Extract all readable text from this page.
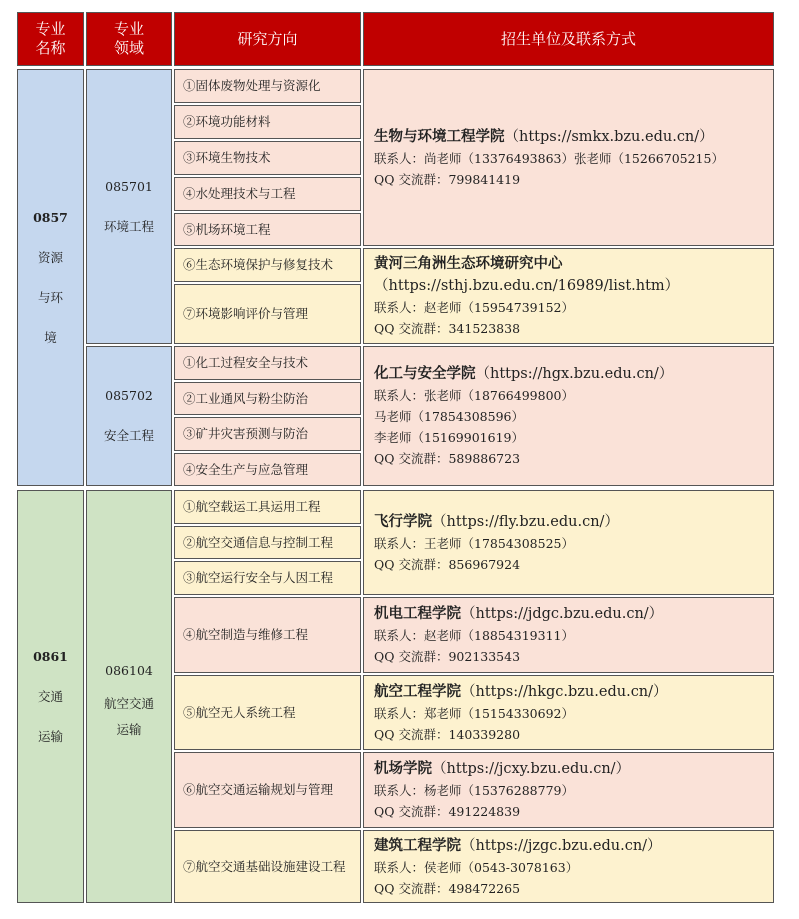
专业
名称
专业
领域
研究方向	招生单位及联系方式
0857
资源
与环
境
085701
环境工程
085702
安全工程
①固体废物处理与资源化
②环境功能材料
③环境生物技术
④水处理技术与工程
⑤机场环境工程
⑥生态环境保护与修复技术
⑦环境影响评价与管理
①化工过程安全与技术
②工业通风与粉尘防治
③矿井灾害预测与防治
④安全生产与应急管理
生物与环境工程学院（https://smkx.bzu.edu.cn/）
联系人：尚老师（13376493863）张老师（15266705215）
QQ 交流群：799841419
黄河三角洲生态环境研究中心
（https://sthj.bzu.edu.cn/16989/list.htm）
联系人：赵老师（15954739152）
QQ 交流群：341523838
化工与安全学院（https://hgx.bzu.edu.cn/）
联系人：张老师（18766499800）
马老师（17854308596）
李老师（15169901619）
QQ 交流群：589886723
0861
交通
运输
086104
航空交通
运输
①航空载运工具运用工程
②航空交通信息与控制工程
③航空运行安全与人因工程
④航空制造与维修工程
⑤航空无人系统工程
⑥航空交通运输规划与管理
⑦航空交通基础设施建设工程
飞行学院（https://fly.bzu.edu.cn/）
联系人：王老师（17854308525）
QQ 交流群：856967924
机电工程学院（https://jdgc.bzu.edu.cn/）
联系人：赵老师（18854319311）
QQ 交流群：902133543
航空工程学院（https://hkgc.bzu.edu.cn/）
联系人：郑老师（15154330692）
QQ 交流群：140339280
机场学院（https://jcxy.bzu.edu.cn/）
联系人：杨老师（15376288779）
QQ 交流群：491224839
建筑工程学院（https://jzgc.bzu.edu.cn/）
联系人：侯老师（0543-3078163）
QQ 交流群：498472265
